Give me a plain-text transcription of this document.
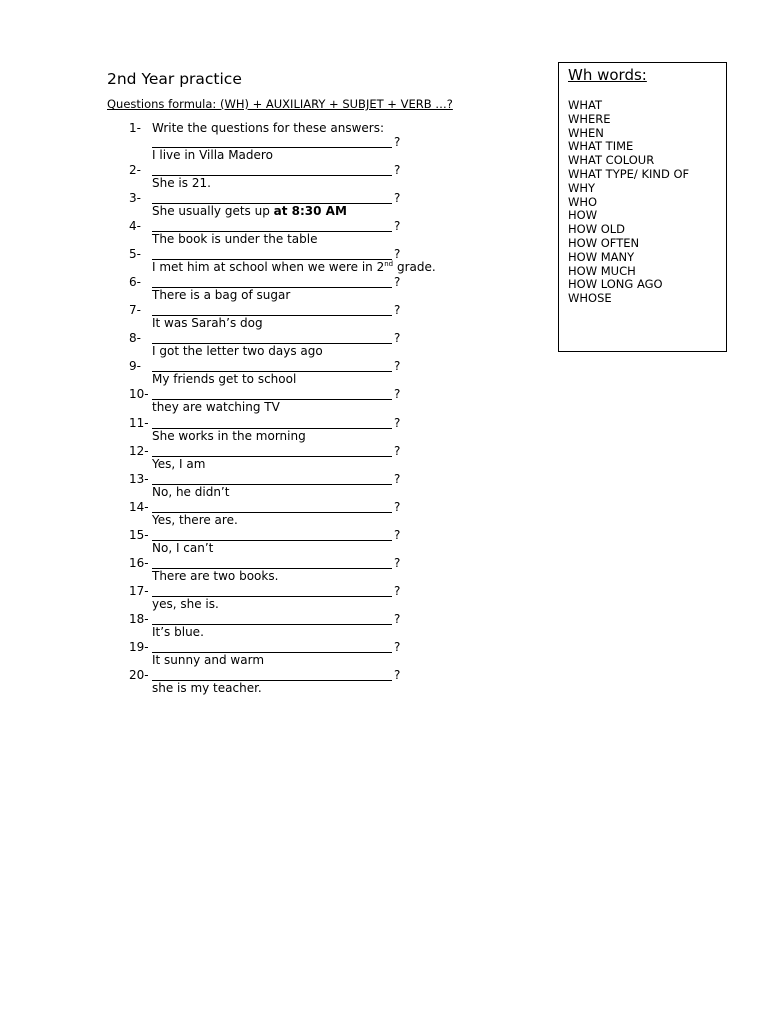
2nd Year practice
Questions formula: (WH) + AUXILIARY + SUBJET + VERB …?
1- Write the questions for these answers:
?
I live in Villa Madero
2-	?
She is 21.
3-	?
She usually gets up at 8:30 AM
4-	?
The book is under the table
5-	?
I met him at school when we were in 2nd grade.
6-	?
There is a bag of sugar
7-	?
It was Sarah’s dog
8-	?
I got the letter two days ago
9-	?
My friends get to school
10-	?
they are watching TV
11-	?
She works in the morning
12-	?
Yes, I am
13-	?
No, he didn’t
14-	?
Yes, there are.
15-	?
No, I can’t
16-	?
There are two books.
17-	?
yes, she is.
18-	?
It’s blue.
19-	?
It sunny and warm
20-	?
she is my teacher.
Wh words:
WHAT
WHERE
WHEN
WHAT TIME
WHAT COLOUR
WHAT TYPE/ KIND OF
WHY
WHO
HOW
HOW OLD
HOW OFTEN
HOW MANY
HOW MUCH
HOW LONG AGO
WHOSE
